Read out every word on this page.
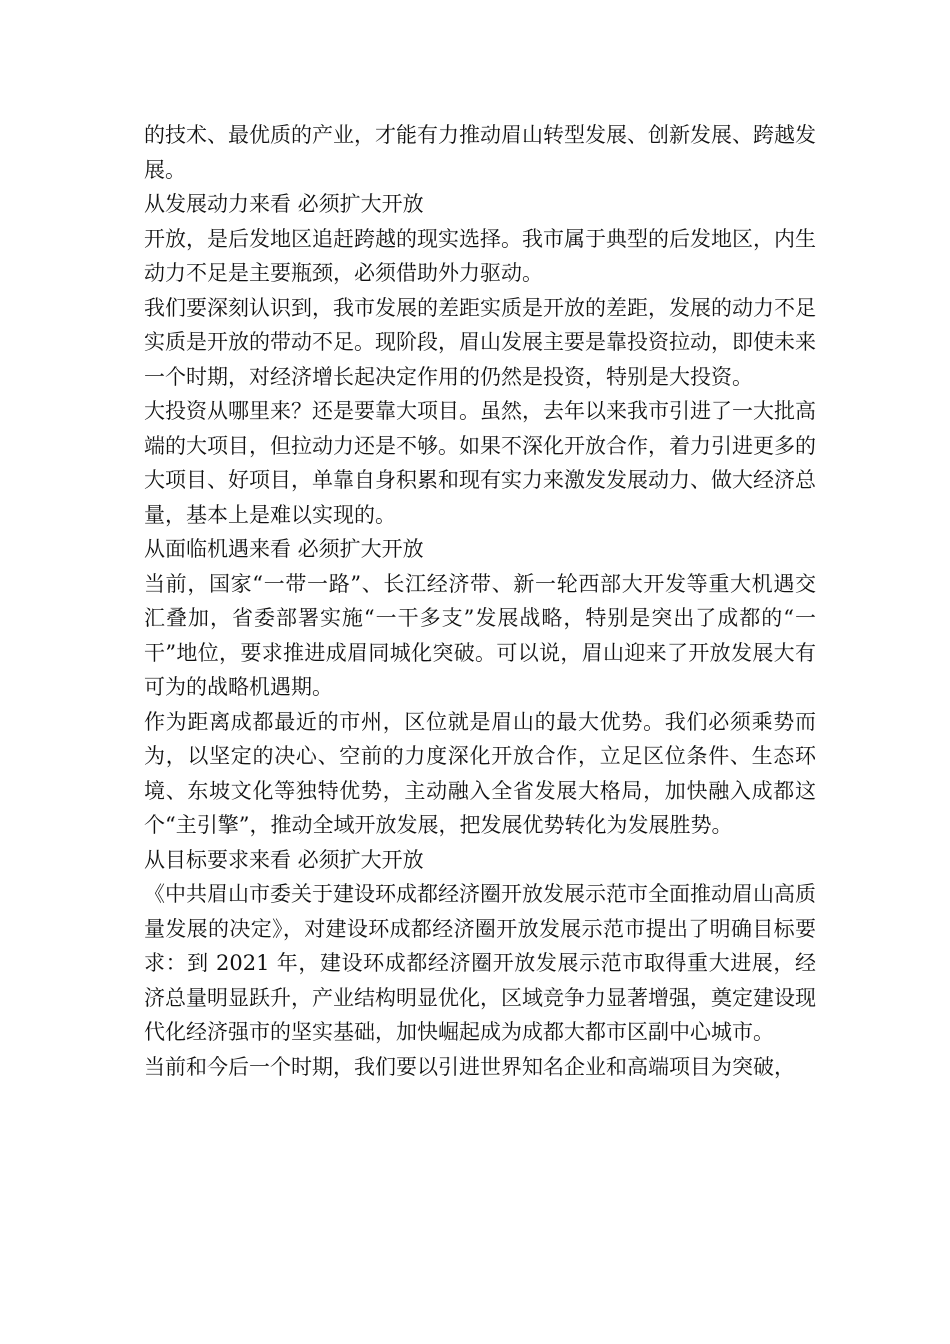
的技术、最优质的产业，才能有力推动眉山转型发展、创新发展、跨越发展。

从发展动力来看 必须扩大开放

开放，是后发地区追赶跨越的现实选择。我市属于典型的后发地区，内生动力不足是主要瓶颈，必须借助外力驱动。

我们要深刻认识到，我市发展的差距实质是开放的差距，发展的动力不足实质是开放的带动不足。现阶段，眉山发展主要是靠投资拉动，即使未来一个时期，对经济增长起决定作用的仍然是投资，特别是大投资。

大投资从哪里来？还是要靠大项目。虽然，去年以来我市引进了一大批高端的大项目，但拉动力还是不够。如果不深化开放合作，着力引进更多的大项目、好项目，单靠自身积累和现有实力来激发发展动力、做大经济总量，基本上是难以实现的。

从面临机遇来看 必须扩大开放

当前，国家“一带一路”、长江经济带、新一轮西部大开发等重大机遇交汇叠加，省委部署实施“一干多支”发展战略，特别是突出了成都的“一干”地位，要求推进成眉同城化突破。可以说，眉山迎来了开放发展大有可为的战略机遇期。

作为距离成都最近的市州，区位就是眉山的最大优势。我们必须乘势而为，以坚定的决心、空前的力度深化开放合作，立足区位条件、生态环境、东坡文化等独特优势，主动融入全省发展大格局，加快融入成都这个“主引擎”，推动全域开放发展，把发展优势转化为发展胜势。

从目标要求来看 必须扩大开放

《中共眉山市委关于建设环成都经济圈开放发展示范市全面推动眉山高质量发展的决定》，对建设环成都经济圈开放发展示范市提出了明确目标要求：到 2021 年，建设环成都经济圈开放发展示范市取得重大进展，经济总量明显跃升，产业结构明显优化，区域竞争力显著增强，奠定建设现代化经济强市的坚实基础，加快崛起成为成都大都市区副中心城市。

当前和今后一个时期，我们要以引进世界知名企业和高端项目为突破，
